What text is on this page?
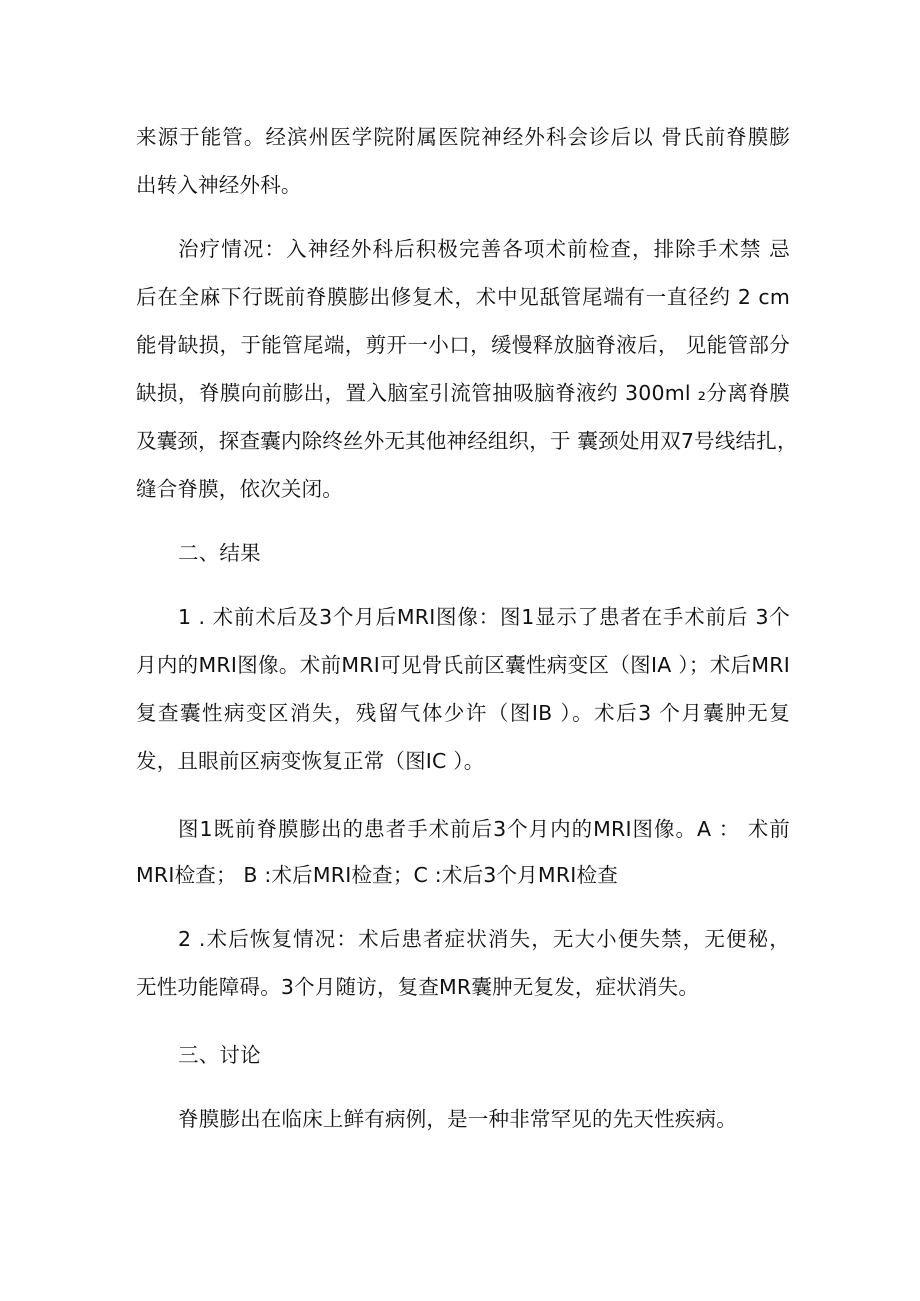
来源于能管。经滨州医学院附属医院神经外科会诊后以 骨氏前脊膜膨
出转入神经外科。
治疗情况：入神经外科后积极完善各项术前检查，排除手术禁 忌
后在全麻下行既前脊膜膨出修复术，术中见舐管尾端有一直径约 2 cm
能骨缺损，于能管尾端，剪开一小口，缓慢释放脑脊液后， 见能管部分
缺损，脊膜向前膨出，置入脑室引流管抽吸脑脊液约 300ml ₂分离脊膜
及囊颈，探查囊内除终丝外无其他神经组织，于 囊颈处用双7号线结扎，
缝合脊膜，依次关闭。
二、结果
1 . 术前术后及3个月后MRI图像：图1显示了患者在手术前后 3个
月内的MRI图像。术前MRI可见骨氏前区囊性病变区（图IA ）；术后MRI
复查囊性病变区消失，残留气体少许（图IB ）。术后3 个月囊肿无复
发，且眼前区病变恢复正常（图IC ）。
图1既前脊膜膨出的患者手术前后3个月内的MRI图像。A ： 术前
MRI检查； B :术后MRI检查；C :术后3个月MRI检查
2 .术后恢复情况：术后患者症状消失，无大小便失禁，无便秘，
无性功能障碍。3个月随访，复查MR囊肿无复发，症状消失。
三、讨论
脊膜膨出在临床上鲜有病例，是一种非常罕见的先天性疾病。
